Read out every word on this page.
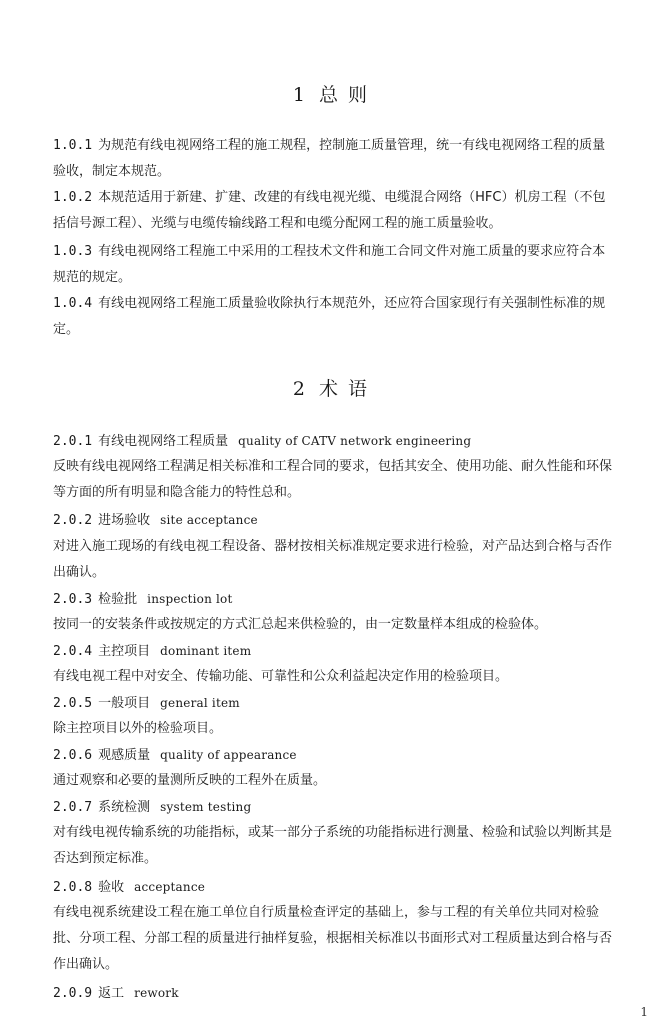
1 总 则
1.0.1 为规范有线电视网络工程的施工规程，控制施工质量管理，统一有线电视网络工程的质量验收，制定本规范。
1.0.2 本规范适用于新建、扩建、改建的有线电视光缆、电缆混合网络（HFC）机房工程（不包括信号源工程）、光缆与电缆传输线路工程和电缆分配网工程的施工质量验收。
1.0.3 有线电视网络工程施工中采用的工程技术文件和施工合同文件对施工质量的要求应符合本规范的规定。
1.0.4 有线电视网络工程施工质量验收除执行本规范外，还应符合国家现行有关强制性标准的规定。
2 术 语
2.0.1 有线电视网络工程质量 quality of CATV network engineering
反映有线电视网络工程满足相关标准和工程合同的要求，包括其安全、使用功能、耐久性能和环保等方面的所有明显和隐含能力的特性总和。
2.0.2 进场验收 site acceptance
对进入施工现场的有线电视工程设备、器材按相关标准规定要求进行检验，对产品达到合格与否作出确认。
2.0.3 检验批 inspection lot
按同一的安装条件或按规定的方式汇总起来供检验的，由一定数量样本组成的检验体。
2.0.4 主控项目 dominant item
有线电视工程中对安全、传输功能、可靠性和公众利益起决定作用的检验项目。
2.0.5 一般项目 general item
除主控项目以外的检验项目。
2.0.6 观感质量 quality of appearance
通过观察和必要的量测所反映的工程外在质量。
2.0.7 系统检测 system testing
对有线电视传输系统的功能指标，或某一部分子系统的功能指标进行测量、检验和试验以判断其是否达到预定标准。
2.0.8 验收 acceptance
有线电视系统建设工程在施工单位自行质量检查评定的基础上，参与工程的有关单位共同对检验批、分项工程、分部工程的质量进行抽样复验，根据相关标准以书面形式对工程质量达到合格与否作出确认。
2.0.9 返工 rework
1
